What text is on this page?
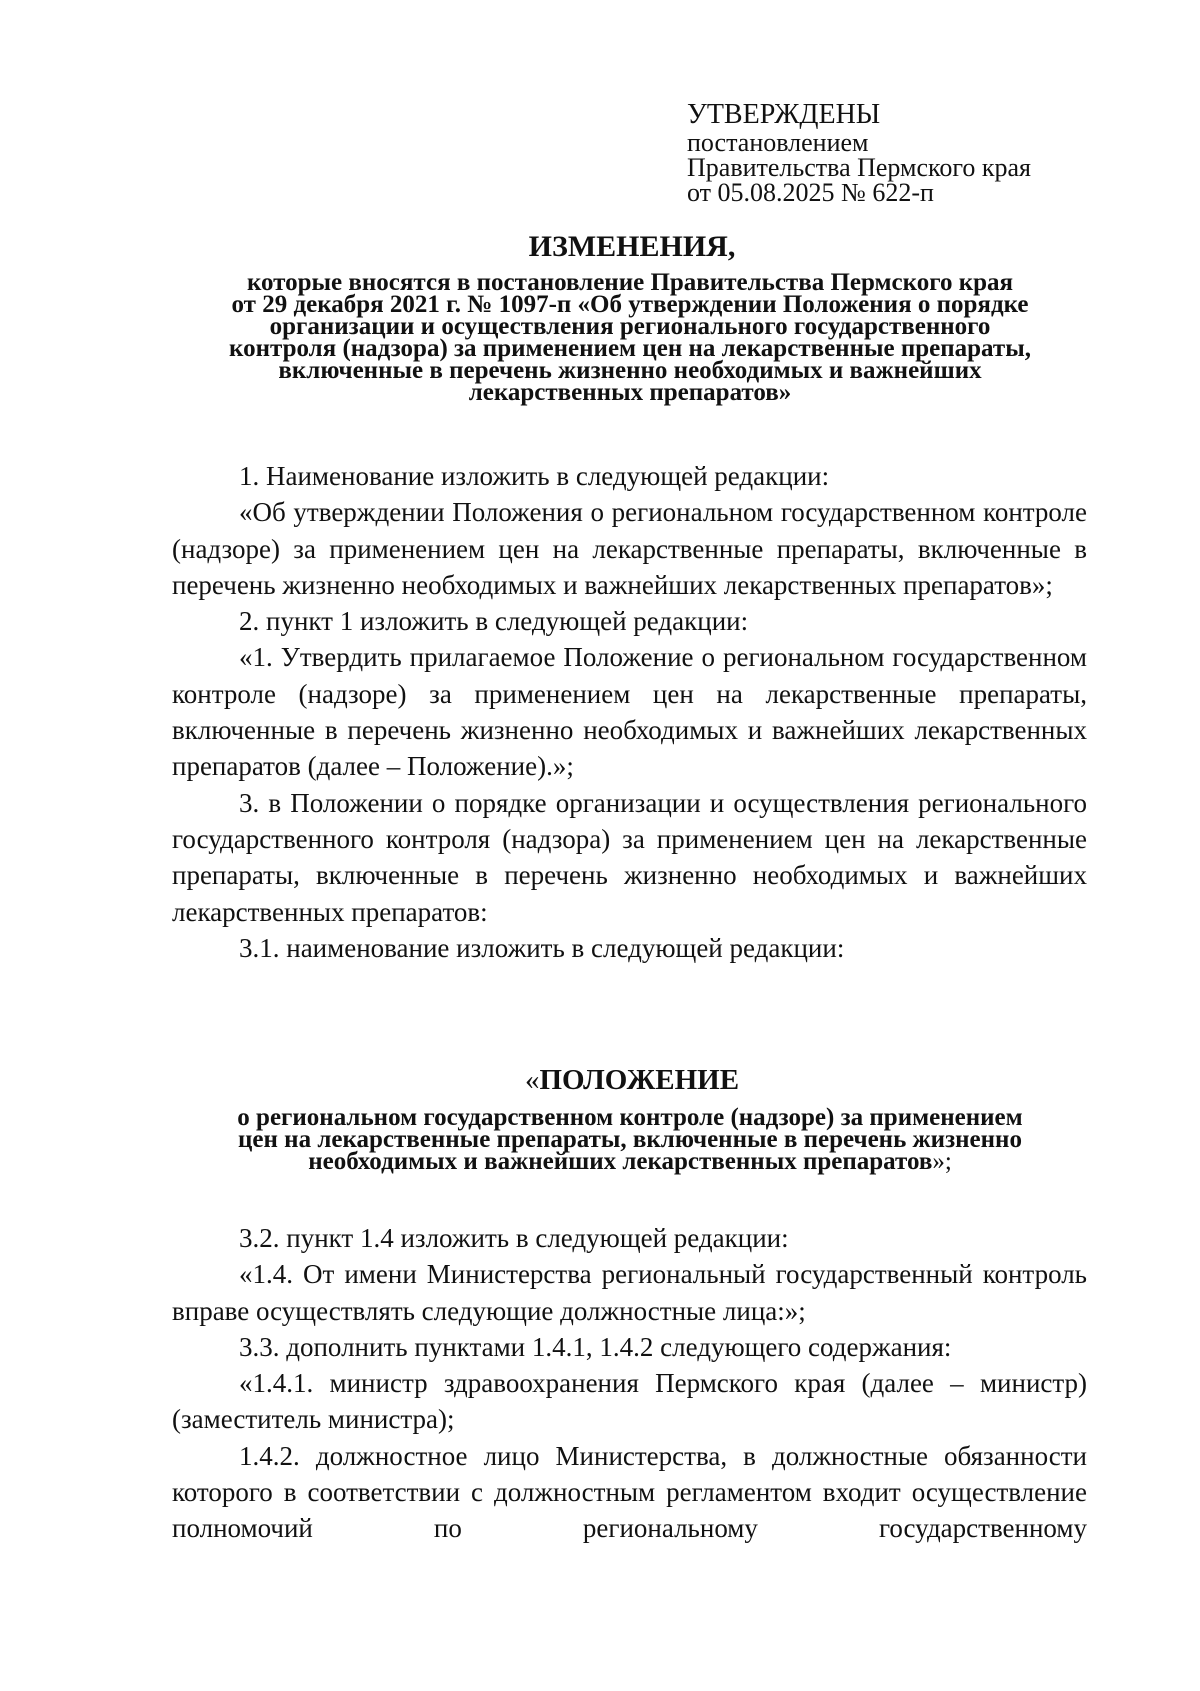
УТВЕРЖДЕНЫ
постановлением
Правительства Пермского края
от 05.08.2025 № 622-п
ИЗМЕНЕНИЯ,
которые вносятся в постановление Правительства Пермского края
от 29 декабря 2021 г. № 1097-п «Об утверждении Положения о порядке
организации и осуществления регионального государственного
контроля (надзора) за применением цен на лекарственные препараты,
включенные в перечень жизненно необходимых и важнейших
лекарственных препаратов»

1. Наименование изложить в следующей редакции:

«Об утверждении Положения о региональном государственном контроле (надзоре) за применением цен на лекарственные препараты, включенные в перечень жизненно необходимых и важнейших лекарственных препаратов»;

2. пункт 1 изложить в следующей редакции:

«1. Утвердить прилагаемое Положение о региональном государственном контроле (надзоре) за применением цен на лекарственные препараты, включенные в перечень жизненно необходимых и важнейших лекарственных препаратов (далее – Положение).»;

3. в Положении о порядке организации и осуществления регионального государственного контроля (надзора) за применением цен на лекарственные препараты, включенные в перечень жизненно необходимых и важнейших лекарственных препаратов:

3.1. наименование изложить в следующей редакции:

«ПОЛОЖЕНИЕ
о региональном государственном контроле (надзоре) за применением
цен на лекарственные препараты, включенные в перечень жизненно
необходимых и важнейших лекарственных препаратов»;

3.2. пункт 1.4 изложить в следующей редакции:

«1.4. От имени Министерства региональный государственный контроль вправе осуществлять следующие должностные лица:»;

3.3. дополнить пунктами 1.4.1, 1.4.2 следующего содержания:

«1.4.1. министр здравоохранения Пермского края (далее – министр) (заместитель министра);

1.4.2. должностное лицо Министерства, в должностные обязанности которого в соответствии с должностным регламентом входит осуществление полномочий по региональному государственному
